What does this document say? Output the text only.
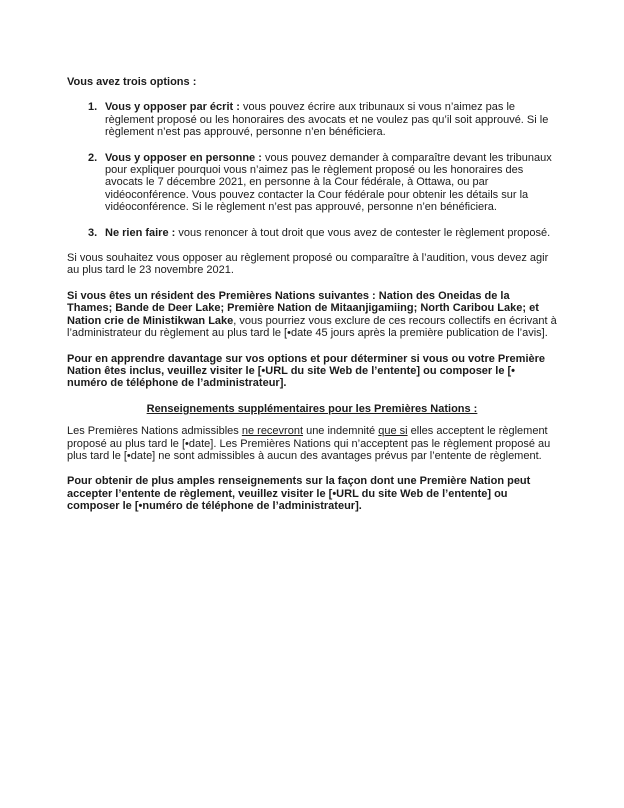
Vous avez trois options :

1. Vous y opposer par écrit : vous pouvez écrire aux tribunaux si vous n’aimez pas le règlement proposé ou les honoraires des avocats et ne voulez pas qu’il soit approuvé. Si le règlement n’est pas approuvé, personne n’en bénéficiera.
2. Vous y opposer en personne : vous pouvez demander à comparaître devant les tribunaux pour expliquer pourquoi vous n’aimez pas le règlement proposé ou les honoraires des avocats le 7 décembre 2021, en personne à la Cour fédérale, à Ottawa, ou par vidéoconférence. Vous pouvez contacter la Cour fédérale pour obtenir les détails sur la vidéoconférence. Si le règlement n’est pas approuvé, personne n’en bénéficiera.
3. Ne rien faire : vous renoncer à tout droit que vous avez de contester le règlement proposé.

Si vous souhaitez vous opposer au règlement proposé ou comparaître à l’audition, vous devez agir au plus tard le 23 novembre 2021.

Si vous êtes un résident des Premières Nations suivantes : Nation des Oneidas de la Thames; Bande de Deer Lake; Première Nation de Mitaanjigamiing; North Caribou Lake; et Nation crie de Ministikwan Lake, vous pourriez vous exclure de ces recours collectifs en écrivant à l’administrateur du règlement au plus tard le [•date 45 jours après la première publication de l’avis].

Pour en apprendre davantage sur vos options et pour déterminer si vous ou votre Première Nation êtes inclus, veuillez visiter le [•URL du site Web de l’entente] ou composer le [• numéro de téléphone de l’administrateur].

Renseignements supplémentaires pour les Premières Nations :

Les Premières Nations admissibles ne recevront une indemnité que si elles acceptent le règlement proposé au plus tard le [•date]. Les Premières Nations qui n’acceptent pas le règlement proposé au plus tard le [•date] ne sont admissibles à aucun des avantages prévus par l’entente de règlement.

Pour obtenir de plus amples renseignements sur la façon dont une Première Nation peut accepter l’entente de règlement, veuillez visiter le [•URL du site Web de l’entente] ou composer le [•numéro de téléphone de l’administrateur].
